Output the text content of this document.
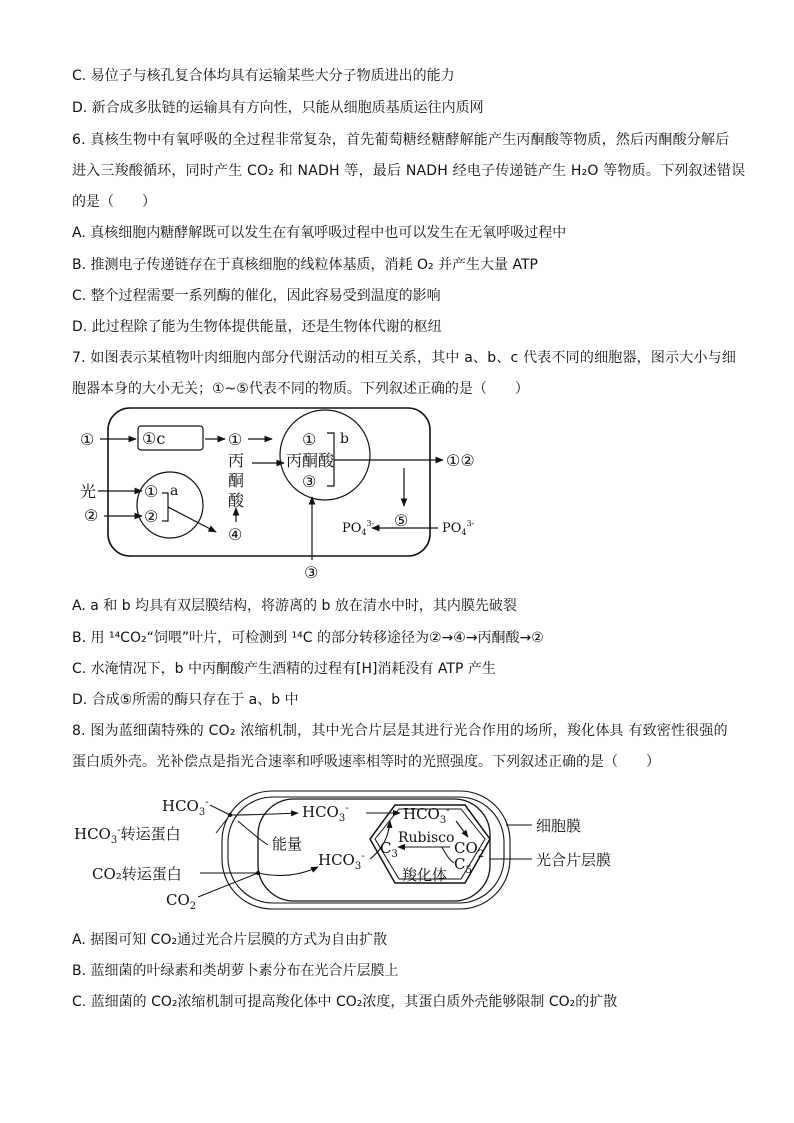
C. 易位子与核孔复合体均具有运输某些大分子物质进出的能力
D. 新合成多肽链的运输具有方向性，只能从细胞质基质运往内质网
6. 真核生物中有氧呼吸的全过程非常复杂，首先葡萄糖经糖酵解能产生丙酮酸等物质，然后丙酮酸分解后
进入三羧酸循环，同时产生 CO₂ 和 NADH 等，最后 NADH 经电子传递链产生 H₂O 等物质。下列叙述错误
的是（　　）
A. 真核细胞内糖酵解既可以发生在有氧呼吸过程中也可以发生在无氧呼吸过程中
B. 推测电子传递链存在于真核细胞的线粒体基质，消耗 O₂ 并产生大量 ATP
C. 整个过程需要一系列酶的催化，因此容易受到温度的影响
D. 此过程除了能为生物体提供能量，还是生物体代谢的枢纽
7. 如图表示某植物叶肉细胞内部分代谢活动的相互关系，其中 a、b、c 代表不同的细胞器，图示大小与细
胞器本身的大小无关；①~⑤代表不同的物质。下列叙述正确的是（　　）
①c
①	①
丙
酮
酸
a
光	①
②	②
④
b
①
丙酮酸
③
①②
⑤	$PO_4^{3-}$
$PO_4^{3-}$
③
A. a 和 b 均具有双层膜结构，将游离的 b 放在清水中时，其内膜先破裂
B. 用 ¹⁴CO₂“饲喂”叶片，可检测到 ¹⁴C 的部分转移途径为②→④→丙酮酸→②
C. 水淹情况下，b 中丙酮酸产生酒精的过程有[H]消耗没有 ATP 产生
D. 合成⑤所需的酶只存在于 a、b 中
8. 图为蓝细菌特殊的 CO₂ 浓缩机制，其中光合片层是其进行光合作用的场所，羧化体具 有致密性很强的
蛋白质外壳。光补偿点是指光合速率和呼吸速率相等时的光照强度。下列叙述正确的是（　　）
$HCO_3^-$
$HCO_3^-$转运蛋白
CO₂转运蛋白
$CO_2$
$HCO_3^-$
能量
$HCO_3^-$
$HCO_3^-$
Rubisco
$C_3$	$CO_2$
$C_5$
羧化体
细胞膜
光合片层膜
A. 据图可知 CO₂通过光合片层膜的方式为自由扩散
B. 蓝细菌的叶绿素和类胡萝卜素分布在光合片层膜上
C. 蓝细菌的 CO₂浓缩机制可提高羧化体中 CO₂浓度，其蛋白质外壳能够限制 CO₂的扩散
